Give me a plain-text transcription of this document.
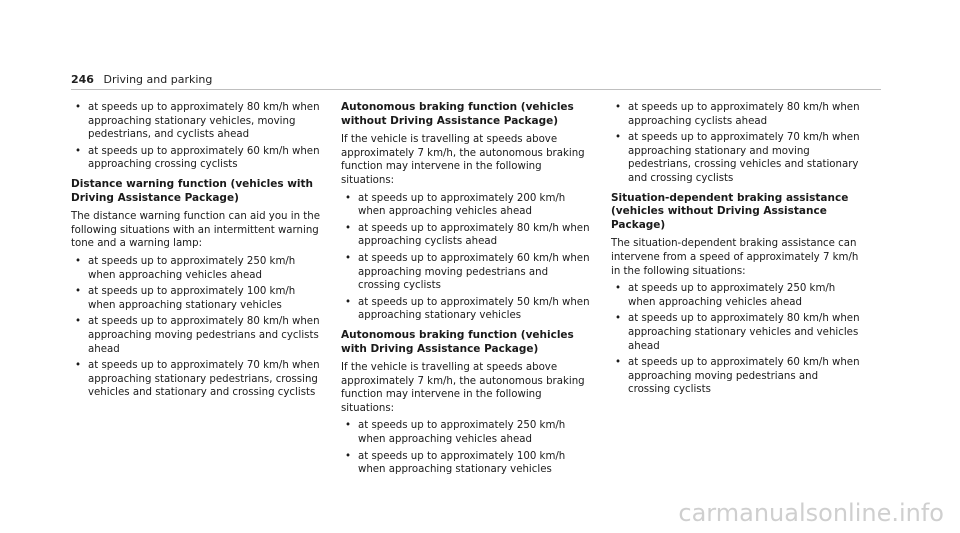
246 Driving and parking
• at speeds up to approximately 80 km/h when approaching stationary vehicles, moving pedestrians, and cyclists ahead
• at speeds up to approximately 60 km/h when approaching crossing cyclists
Distance warning function (vehicles with Driving Assistance Package)

The distance warning function can aid you in the following situations with an intermittent warning tone and a warning lamp:

• at speeds up to approximately 250 km/h when approaching vehicles ahead
• at speeds up to approximately 100 km/h when approaching stationary vehicles
• at speeds up to approximately 80 km/h when approaching moving pedestrians and cyclists ahead
• at speeds up to approximately 70 km/h when approaching stationary pedestrians, crossing vehicles and stationary and crossing cyclists
Autonomous braking function (vehicles without Driving Assistance Package)

If the vehicle is travelling at speeds above approximately 7 km/h, the autonomous braking function may intervene in the following situations:

• at speeds up to approximately 200 km/h when approaching vehicles ahead
• at speeds up to approximately 80 km/h when approaching cyclists ahead
• at speeds up to approximately 60 km/h when approaching moving pedestrians and crossing cyclists
• at speeds up to approximately 50 km/h when approaching stationary vehicles
Autonomous braking function (vehicles with Driving Assistance Package)

If the vehicle is travelling at speeds above approximately 7 km/h, the autonomous braking function may intervene in the following situations:

• at speeds up to approximately 250 km/h when approaching vehicles ahead
• at speeds up to approximately 100 km/h when approaching stationary vehicles
• at speeds up to approximately 80 km/h when approaching cyclists ahead
• at speeds up to approximately 70 km/h when approaching stationary and moving pedestrians, crossing vehicles and stationary and crossing cyclists
Situation-dependent braking assistance (vehicles without Driving Assistance Package)

The situation-dependent braking assistance can intervene from a speed of approximately 7 km/h in the following situations:

• at speeds up to approximately 250 km/h when approaching vehicles ahead
• at speeds up to approximately 80 km/h when approaching stationary vehicles and vehicles ahead
• at speeds up to approximately 60 km/h when approaching moving pedestrians and crossing cyclists
carmanualsonline.info
